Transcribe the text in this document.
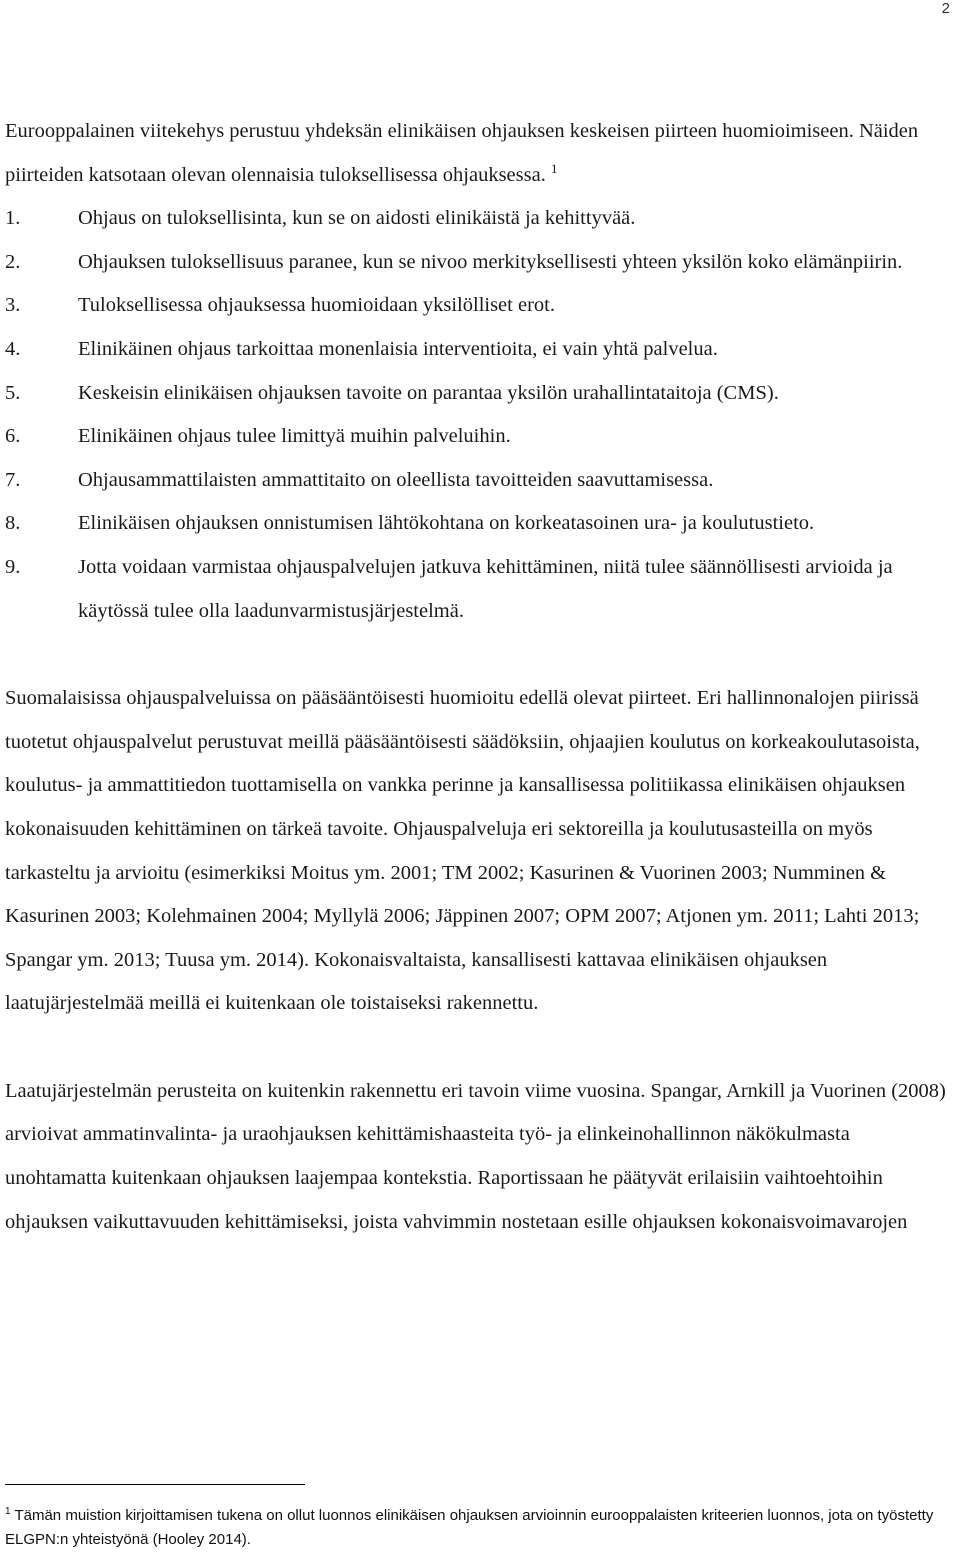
2

Eurooppalainen viitekehys perustuu yhdeksän elinikäisen ohjauksen keskeisen piirteen huomioimiseen. Näiden piirteiden katsotaan olevan olennaisia tuloksellisessa ohjauksessa. $^1$

1.	Ohjaus on tuloksellisinta, kun se on aidosti elinikäistä ja kehittyvää.
2.	Ohjauksen tuloksellisuus paranee, kun se nivoo merkityksellisesti yhteen yksilön koko elämänpiirin.
3.	Tuloksellisessa ohjauksessa huomioidaan yksilölliset erot.
4.	Elinikäinen ohjaus tarkoittaa monenlaisia interventioita, ei vain yhtä palvelua.
5.	Keskeisin elinikäisen ohjauksen tavoite on parantaa yksilön urahallintataitoja (CMS).
6.	Elinikäinen ohjaus tulee limittyä muihin palveluihin.
7.	Ohjausammattilaisten ammattitaito on oleellista tavoitteiden saavuttamisessa.
8.	Elinikäisen ohjauksen onnistumisen lähtökohtana on korkeatasoinen ura- ja koulutustieto.
9.	Jotta voidaan varmistaa ohjauspalvelujen jatkuva kehittäminen, niitä tulee säännöllisesti arvioida ja käytössä tulee olla laadunvarmistusjärjestelmä.

Suomalaisissa ohjauspalveluissa on pääsääntöisesti huomioitu edellä olevat piirteet. Eri hallinnonalojen piirissä tuotetut ohjauspalvelut perustuvat meillä pääsääntöisesti säädöksiin, ohjaajien koulutus on korkeakoulutasoista, koulutus- ja ammattitiedon tuottamisella on vankka perinne ja kansallisessa politiikassa elinikäisen ohjauksen kokonaisuuden kehittäminen on tärkeä tavoite. Ohjauspalveluja eri sektoreilla ja koulutusasteilla on myös tarkasteltu ja arvioitu (esimerkiksi Moitus ym. 2001; TM 2002; Kasurinen & Vuorinen 2003; Numminen & Kasurinen 2003; Kolehmainen 2004; Myllylä 2006; Jäppinen 2007; OPM 2007; Atjonen ym. 2011; Lahti 2013; Spangar ym. 2013; Tuusa ym. 2014). Kokonaisvaltaista, kansallisesti kattavaa elinikäisen ohjauksen laatujärjestelmää meillä ei kuitenkaan ole toistaiseksi rakennettu.

Laatujärjestelmän perusteita on kuitenkin rakennettu eri tavoin viime vuosina. Spangar, Arnkill ja Vuorinen (2008) arvioivat ammatinvalinta- ja uraohjauksen kehittämishaasteita työ- ja elinkeinohallinnon näkökulmasta unohtamatta kuitenkaan ohjauksen laajempaa kontekstia. Raportissaan he päätyvät erilaisiin vaihtoehtoihin ohjauksen vaikuttavuuden kehittämiseksi, joista vahvimmin nostetaan esille ohjauksen kokonaisvoimavarojen

$^1$ Tämän muistion kirjoittamisen tukena on ollut luonnos elinikäisen ohjauksen arvioinnin eurooppalaisten kriteerien luonnos, jota on työstetty ELGPN:n yhteistyönä (Hooley 2014).
